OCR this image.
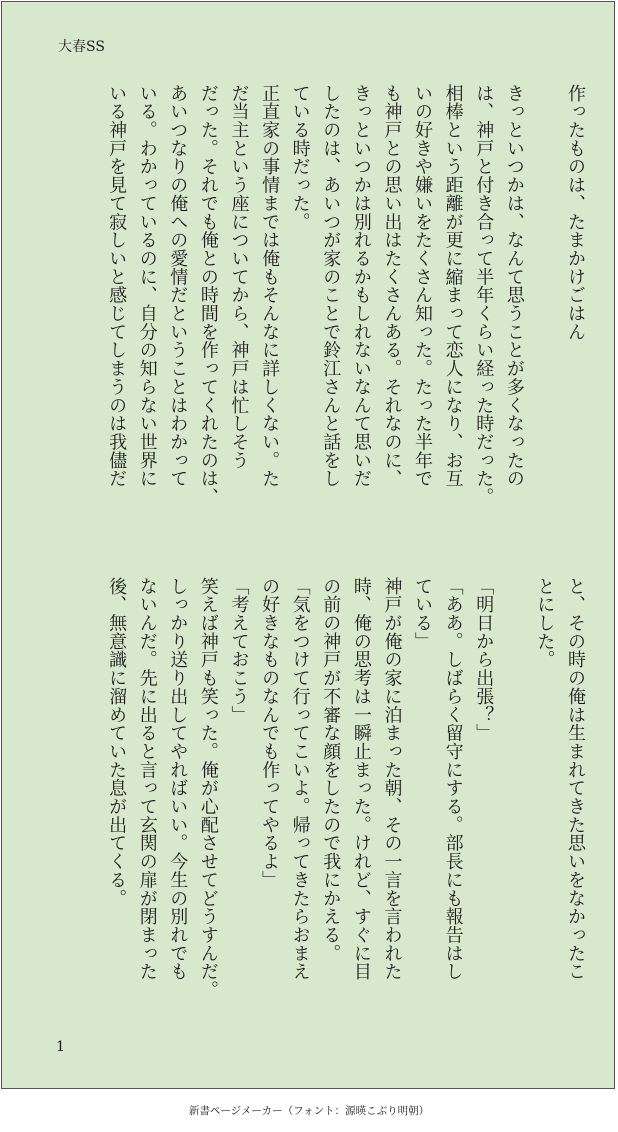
大春SS
作ったものは、たまかけごはん

きっといつかは、なんて思うことが多くなったの
は、神戸と付き合って半年くらい経った時だった。
相棒という距離が更に縮まって恋人になり、お互
いの好きや嫌いをたくさん知った。たった半年で
も神戸との思い出はたくさんある。それなのに、
きっといつかは別れるかもしれないなんて思いだ
したのは、あいつが家のことで鈴江さんと話をし
ている時だった。
正直家の事情までは俺もそんなに詳しくない。た
だ当主という座についてから、神戸は忙しそう
だった。それでも俺との時間を作ってくれたのは、
あいつなりの俺への愛情だということはわかって
いる。わかっているのに、自分の知らない世界に
いる神戸を見て寂しいと感じてしまうのは我儘だ
と、その時の俺は生まれてきた思いをなかったこ
とにした。

「明日から出張？」
「ああ。しばらく留守にする。部長にも報告はし
ている」
神戸が俺の家に泊まった朝、その一言を言われた
時、俺の思考は一瞬止まった。けれど、すぐに目
の前の神戸が不審な顔をしたので我にかえる。
「気をつけて行ってこいよ。帰ってきたらおまえ
の好きなものなんでも作ってやるよ」
「考えておこう」
笑えば神戸も笑った。俺が心配させてどうすんだ。
しっかり送り出してやればいい。今生の別れでも
ないんだ。先に出ると言って玄関の扉が閉まった
後、無意識に溜めていた息が出てくる。
1
新書ページメーカー（フォント：源暎こぶり明朝）
